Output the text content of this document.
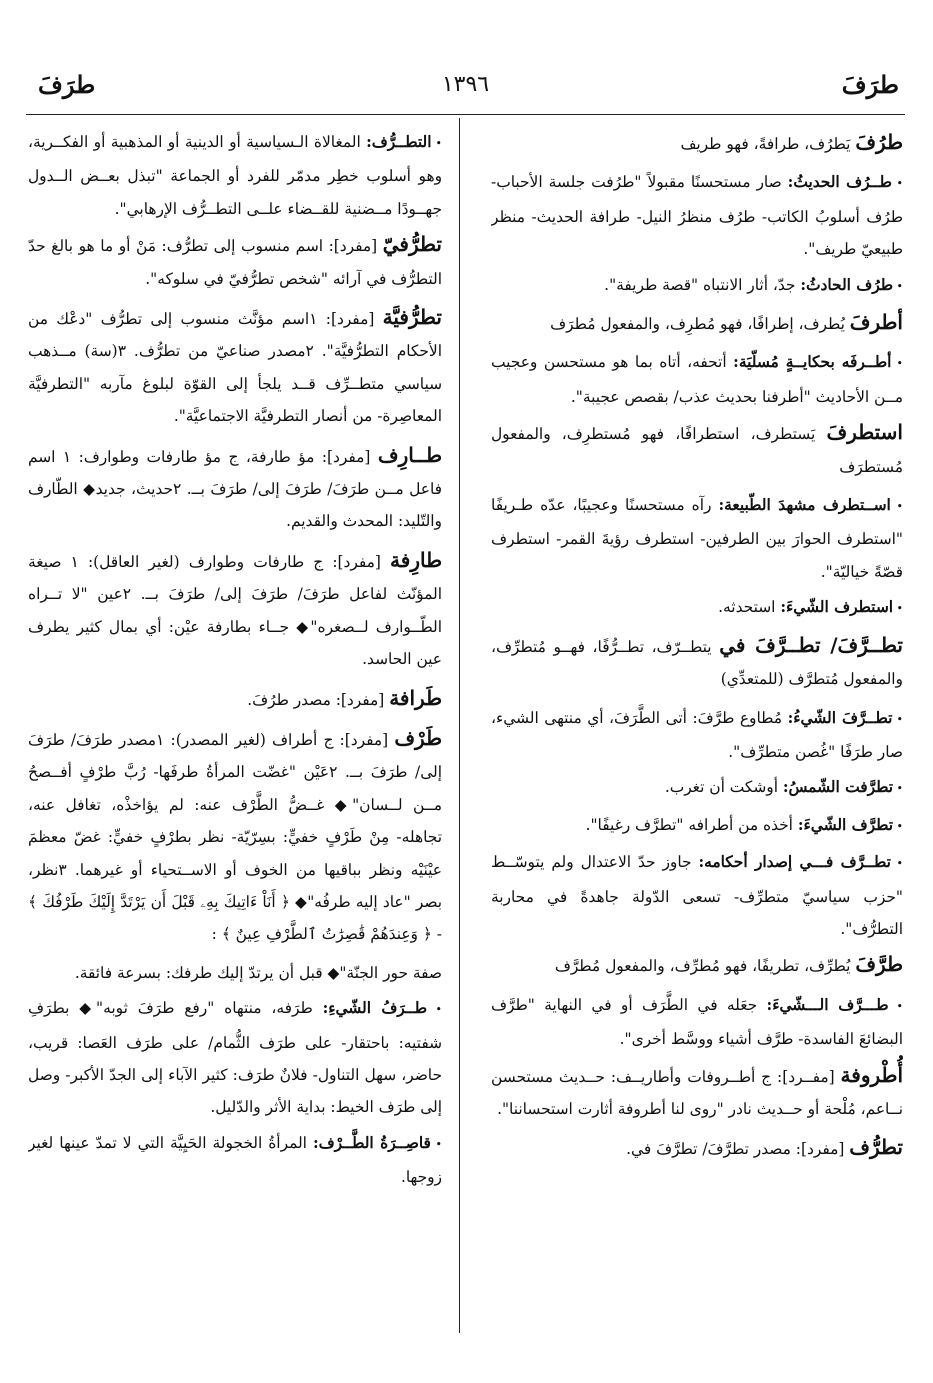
طرَفَ
١٣٩٦
طرَفَ
طرُفَ يَطرُف، طرافةً، فهو طريف
• طــرُف الحديثُ: صار مستحسنًا مقبولاً "طرُفت جلسة الأحباب- طرُف أسلوبُ الكاتب- طرُف منظرُ النيل- طرافة الحديث- منظر طبيعيّ طريف".
• طرُف الحادثُ: جدّ، أثار الانتباه "قصة طريفة".
أطرفَ يُطرف، إطرافًا، فهو مُطرِف، والمفعول مُطرَف
• أطــرفَه بحكايــةٍ مُسلّيَة: أتحفه، أتاه بما هو مستحسن وعجيب مــن الأحاديث "أطرفنا بحديث عذب/ بقصص عجيبة".
استطرفَ يَستطرف، استطرافًا، فهو مُستطرِف، والمفعول مُستطرَف
• اســتطرف مشهدَ الطّبيعة: رآه مستحسنًا وعجيبًا، عدّه طـريفًا "استطرف الحوارَ بين الطرفين- استطرف رؤيةَ القمر- استطرف قصّةً خياليّة".
• استطرف الشّيءَ: استحدثه.
تطــرَّفَ/ تطــرَّفَ في يتطــرّف، تطــرُّفًا، فهــو مُتطرِّف، والمفعول مُتطرَّف (للمتعدِّي)
• تطــرَّفَ الشّيءُ: مُطاوع طرَّفَ: أتى الطَّرَفَ، أي منتهى الشيء، صار طرَفًا "غُصن متطرِّف".
• تطرَّفت الشّمسُ: أوشكت أن تغرب.
• تطرَّف الشّيءَ: أخذه من أطرافه "تطرَّف رغيفًا".
• تطــرَّف فـــي إصدار أحكامه: جاوز حدّ الاعتدال ولم يتوسّــط "حزب سياسيّ متطرِّف- تسعى الدّولة جاهدةً في محاربة التطرُّف".
طرَّفَ يُطرِّف، تطريفًا، فهو مُطرِّف، والمفعول مُطرَّف
• طـــرَّف الـــشّيءَ: جعَله في الطَّرَف أو في النهاية "طرَّف البضائعَ الفاسدة- طرَّف أشياء ووسَّط أخرى".
أُطْروفة [مفــرد]: ج أطــروفات وأطاريــف: حــديث مستحسن نــاعم، مُلْحة أو حــديث نادر "روى لنا أطروفة أثارت استحساننا".
تطرُّف [مفرد]: مصدر تطرَّفَ/ تطرَّفَ في.
• التطــرُّف: المغالاة الـسياسية أو الدينية أو المذهبية أو الفكــرية، وهو أسلوب خطِر مدمّر للفرد أو الجماعة "تبذل بعــض الــدول جهــودًا مــضنية للقــضاء علــى التطــرُّف الإرهابي".
تطرُّفيّ [مفرد]: اسم منسوب إلى تطرُّف: مَنْ أو ما هو بالغ حدّ التطرُّف في آرائه "شخص تطرُّفيّ في سلوكه".
تطرُّفيَّة [مفرد]: ١اسم مؤنَّث منسوب إلى تطرُّف "دعْك من الأحكام التطرُّفيَّة". ٢مصدر صناعيّ من تطرُّف. ٣(سة) مــذهب سياسي متطــرِّف قــد يلجأ إلى القوّة لبلوغ مآربه "التطرفيَّة المعاصِرة- من أنصار التطرفيَّة الاجتماعيَّة".
طــارِف [مفرد]: مؤ طارفة، ج مؤ طارفات وطوارف: ١ اسم فاعل مــن طرَفَ/ طرَفَ إلى/ طرَفَ بــ. ٢حديث، جديد◆ الطّارف والتّليد: المحدث والقديم.
طارِفة [مفرد]: ج طارفات وطوارف (لغير العاقل): ١ صيغة المؤنّث لفاعل طرَفَ/ طرَفَ إلى/ طرَفَ بــ. ٢عين "لا تــراه الطّــوارف لــصغره"◆ جــاء بطارفة عيْن: أي بمال كثير يطرف عين الحاسد.
طَرافة [مفرد]: مصدر طرُفَ.
طَرْف [مفرد]: ج أطراف (لغير المصدر): ١مصدر طرَفَ/ طرَفَ إلى/ طرَفَ بــ. ٢عَيْن "غضّت المرأةُ طرفَها- رُبَّ طرْفٍ أفــصحُ مــن لــسان"◆ غــضُّ الطَّرْف عنه: لم يؤاخذْه، تغافل عنه، تجاهله- مِنْ طَرْفٍ خفيٍّ: بسِرّيّة- نظر بطرْفٍ خفيٍّ: غضّ معظمَ عيْنَيْه ونظر بباقيها من الخوف أو الاســتحياء أو غيرهما. ٣نظر، بصر "عاد إليه طرفُه"◆ ﴿ أَنَاْ ءَاتِيكَ بِهِۦ قَبْلَ أَن يَرْتَدَّ إِلَيْكَ طَرْفُكَ ﴾ - ﴿ وَعِندَهُمْ قَٰصِرَٰتُ ٱلطَّرْفِ عِينٌ ﴾ :
صفة حور الجنّة"◆ قبل أن يرتدّ إليك طرفك: بسرعة فائقة.
• طــرَفُ الشّيءِ: طرَفه، منتهاه "رفع طرَفَ ثوبه"◆ بطرَفِ شفتيه: باحتقار- على طرَف الثُّمام/ على طرَف العَصا: قريب، حاضر، سهل التناول- فلانٌ طرَف: كثير الآباء إلى الجدّ الأكبر- وصل إلى طرَف الخيط: بداية الأثر والدّليل.
• قاصِــرَةُ الطَّــرْف: المرأةُ الخجولة الحَيِيَّة التي لا تمدّ عينها لغير زوجها.
